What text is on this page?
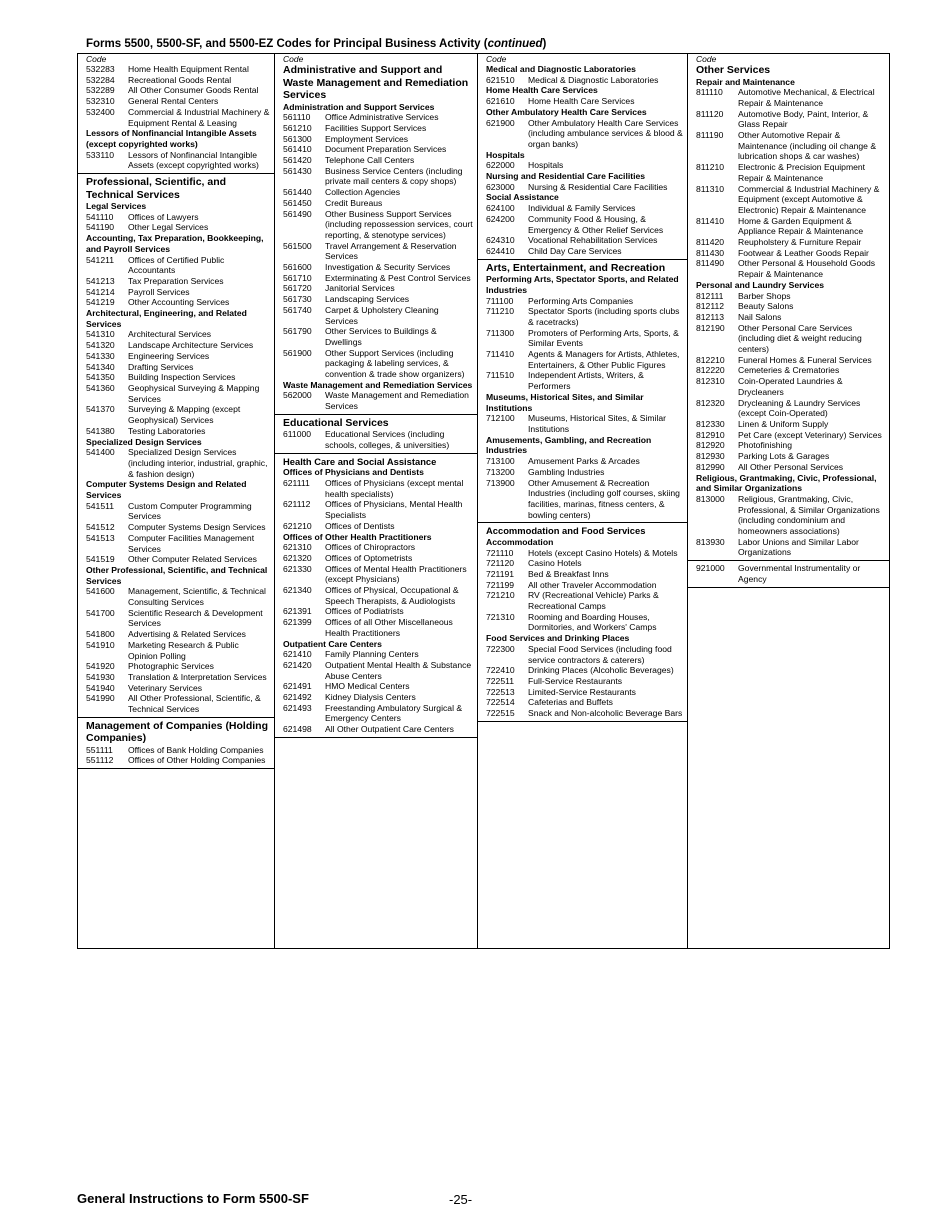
Forms 5500, 5500-SF, and 5500-EZ Codes for Principal Business Activity (continued)
Code
532283	Home Health Equipment Rental
532284	Recreational Goods Rental
532289	All Other Consumer Goods Rental
532310	General Rental Centers
532400	Commercial & Industrial Machinery & Equipment Rental & Leasing
Lessors of Nonfinancial Intangible Assets (except copyrighted works)
533110	Lessors of Nonfinancial Intangible Assets (except copyrighted works)
Professional, Scientific, and Technical Services
Legal Services
541110	Offices of Lawyers
541190	Other Legal Services
Accounting, Tax Preparation, Bookkeeping, and Payroll Services
541211	Offices of Certified Public Accountants
541213	Tax Preparation Services
541214	Payroll Services
541219	Other Accounting Services
Architectural, Engineering, and Related Services
541310	Architectural Services
541320	Landscape Architecture Services
541330	Engineering Services
541340	Drafting Services
541350	Building Inspection Services
541360	Geophysical Surveying & Mapping Services
541370	Surveying & Mapping (except Geophysical) Services
541380	Testing Laboratories
Specialized Design Services
541400	Specialized Design Services (including interior, industrial, graphic, & fashion design)
Computer Systems Design and Related Services
541511	Custom Computer Programming Services
541512	Computer Systems Design Services
541513	Computer Facilities Management Services
541519	Other Computer Related Services
Other Professional, Scientific, and Technical Services
541600	Management, Scientific, & Technical Consulting Services
541700	Scientific Research & Development Services
541800	Advertising & Related Services
541910	Marketing Research & Public Opinion Polling
541920	Photographic Services
541930	Translation & Interpretation Services
541940	Veterinary Services
541990	All Other Professional, Scientific, & Technical Services
Management of Companies (Holding Companies)
551111	Offices of Bank Holding Companies
551112	Offices of Other Holding Companies
Code
Administrative and Support and Waste Management and Remediation Services
Administration and Support Services
561110	Office Administrative Services
561210	Facilities Support Services
561300	Employment Services
561410	Document Preparation Services
561420	Telephone Call Centers
561430	Business Service Centers (including private mail centers & copy shops)
561440	Collection Agencies
561450	Credit Bureaus
561490	Other Business Support Services (including repossession services, court reporting, & stenotype services)
561500	Travel Arrangement & Reservation Services
561600	Investigation & Security Services
561710	Exterminating & Pest Control Services
561720	Janitorial Services
561730	Landscaping Services
561740	Carpet & Upholstery Cleaning Services
561790	Other Services to Buildings & Dwellings
561900	Other Support Services (including packaging & labeling services, & convention & trade show organizers)
Waste Management and Remediation Services
562000	Waste Management and Remediation Services
Educational Services
611000	Educational Services (including schools, colleges, & universities)
Health Care and Social Assistance
Offices of Physicians and Dentists
621111	Offices of Physicians (except mental health specialists)
621112	Offices of Physicians, Mental Health Specialists
621210	Offices of Dentists
Offices of Other Health Practitioners
621310	Offices of Chiropractors
621320	Offices of Optometrists
621330	Offices of Mental Health Practitioners (except Physicians)
621340	Offices of Physical, Occupational & Speech Therapists, & Audiologists
621391	Offices of Podiatrists
621399	Offices of all Other Miscellaneous Health Practitioners
Outpatient Care Centers
621410	Family Planning Centers
621420	Outpatient Mental Health & Substance Abuse Centers
621491	HMO Medical Centers
621492	Kidney Dialysis Centers
621493	Freestanding Ambulatory Surgical & Emergency Centers
621498	All Other Outpatient Care Centers
Code
Medical and Diagnostic Laboratories
621510	Medical & Diagnostic Laboratories
Home Health Care Services
621610	Home Health Care Services
Other Ambulatory Health Care Services
621900	Other Ambulatory Health Care Services (including ambulance services & blood & organ banks)
Hospitals
622000	Hospitals
Nursing and Residential Care Facilities
623000	Nursing & Residential Care Facilities
Social Assistance
624100	Individual & Family Services
624200	Community Food & Housing, & Emergency & Other Relief Services
624310	Vocational Rehabilitation Services
624410	Child Day Care Services
Arts, Entertainment, and Recreation
Performing Arts, Spectator Sports, and Related Industries
711100	Performing Arts Companies
711210	Spectator Sports (including sports clubs & racetracks)
711300	Promoters of Performing Arts, Sports, & Similar Events
711410	Agents & Managers for Artists, Athletes, Entertainers, & Other Public Figures
711510	Independent Artists, Writers, & Performers
Museums, Historical Sites, and Similar Institutions
712100	Museums, Historical Sites, & Similar Institutions
Amusements, Gambling, and Recreation Industries
713100	Amusement Parks & Arcades
713200	Gambling Industries
713900	Other Amusement & Recreation Industries (including golf courses, skiing facilities, marinas, fitness centers, & bowling centers)
Accommodation and Food Services
Accommodation
721110	Hotels (except Casino Hotels) & Motels
721120	Casino Hotels
721191	Bed & Breakfast Inns
721199	All other Traveler Accommodation
721210	RV (Recreational Vehicle) Parks & Recreational Camps
721310	Rooming and Boarding Houses, Dormitories, and Workers' Camps
Food Services and Drinking Places
722300	Special Food Services (including food service contractors & caterers)
722410	Drinking Places (Alcoholic Beverages)
722511	Full-Service Restaurants
722513	Limited-Service Restaurants
722514	Cafeterias and Buffets
722515	Snack and Non-alcoholic Beverage Bars
Code
Other Services
Repair and Maintenance
811110	Automotive Mechanical, & Electrical Repair & Maintenance
811120	Automotive Body, Paint, Interior, & Glass Repair
811190	Other Automotive Repair & Maintenance (including oil change & lubrication shops & car washes)
811210	Electronic & Precision Equipment Repair & Maintenance
811310	Commercial & Industrial Machinery & Equipment (except Automotive & Electronic) Repair & Maintenance
811410	Home & Garden Equipment & Appliance Repair & Maintenance
811420	Reupholstery & Furniture Repair
811430	Footwear & Leather Goods Repair
811490	Other Personal & Household Goods Repair & Maintenance
Personal and Laundry Services
812111	Barber Shops
812112	Beauty Salons
812113	Nail Salons
812190	Other Personal Care Services (including diet & weight reducing centers)
812210	Funeral Homes & Funeral Services
812220	Cemeteries & Crematories
812310	Coin-Operated Laundries & Drycleaners
812320	Drycleaning & Laundry Services (except Coin-Operated)
812330	Linen & Uniform Supply
812910	Pet Care (except Veterinary) Services
812920	Photofinishing
812930	Parking Lots & Garages
812990	All Other Personal Services
Religious, Grantmaking, Civic, Professional, and Similar Organizations
813000	Religious, Grantmaking, Civic, Professional, & Similar Organizations (including condominium and homeowners associations)
813930	Labor Unions and Similar Labor Organizations
921000	Governmental Instrumentality or Agency
General Instructions to Form 5500-SF	-25-
